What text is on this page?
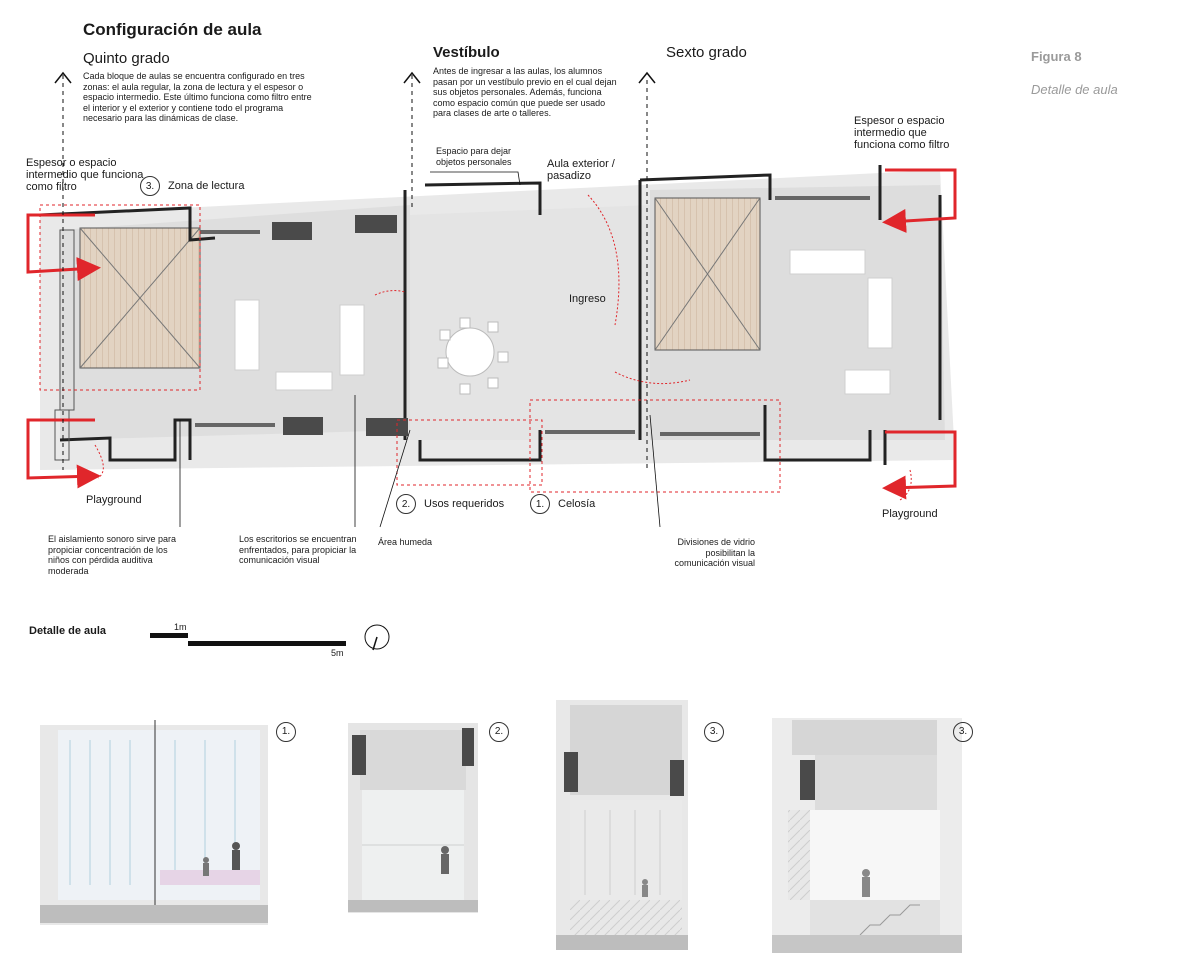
Configuración de aula
Figura 8
Detalle de aula
Quinto grado	Vestíbulo	Sexto grado
Cada bloque de aulas se encuentra configurado en tres zonas: el aula regular, la zona de lectura y el espesor o espacio intermedio. Este último funciona como filtro entre el interior y el exterior y contiene todo el programa necesario para las dinámicas de clase.
Antes de ingresar a las aulas, los alumnos pasan por un vestíbulo previo en el cual dejan sus objetos personales. Además, funciona como espacio común que puede ser usado para clases de arte o talleres.
Espesor o espacio intermedio que funciona como filtro
Espesor o espacio intermedio que funciona como filtro
Espacio para dejar objetos personales	Aula exterior / pasadizo
3.	Zona de lectura
Ingreso
Playground
Playground
2.	Usos requeridos	1.	Celosía
El aislamiento sonoro sirve para propiciar concentración de los niños con pérdida auditiva moderada
Los escritorios se encuentran enfrentados, para propiciar la comunicación visual
Área humeda	Divisiones de vidrio posibilitan la comunicación visual
Detalle de aula	1m
5m
1.	2.	3.	3.
